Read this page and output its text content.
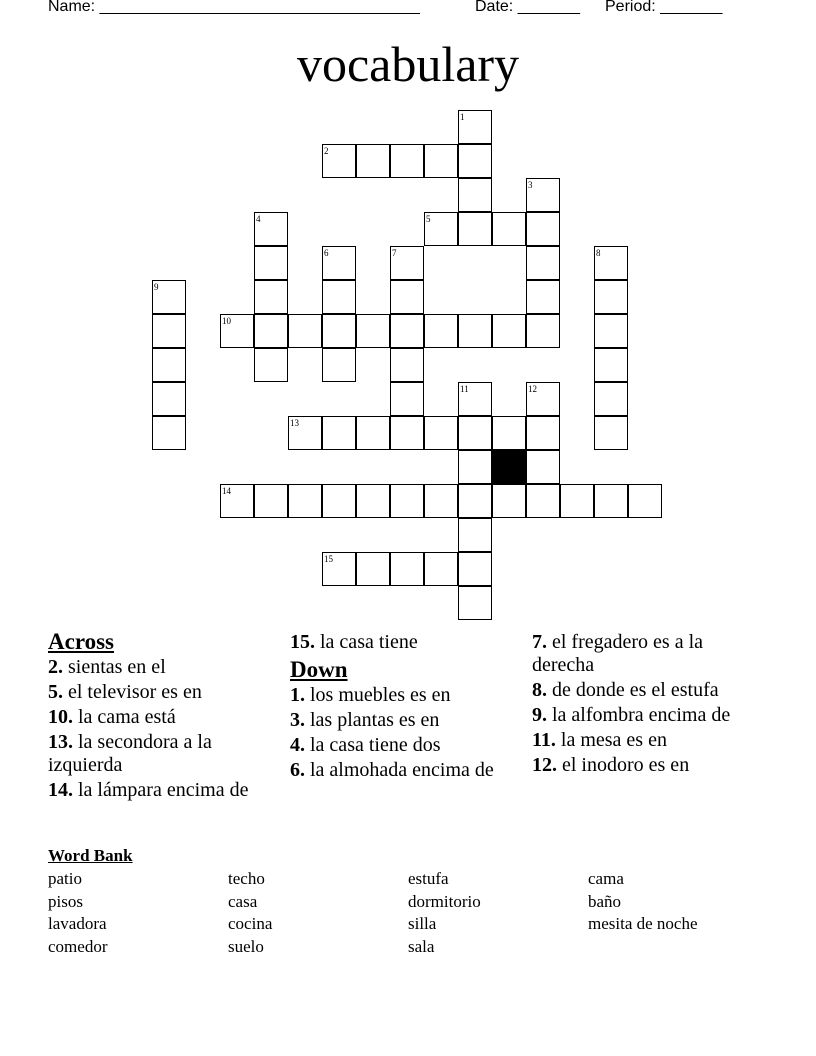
Name: ____________________________________	Date: _______ Period: _______
vocabulary
1
2
3
5
4
6	7	8
9
10
11	12
13
14
15
Across
2. sientas en el
5. el televisor es en
10. la cama está
13. la secondora a la izquierda
14. la lámpara encima de
15. la casa tiene
Down
1. los muebles es en
3. las plantas es en
4. la casa tiene dos
6. la almohada encima de
7. el fregadero es a la derecha
8. de donde es el estufa
9. la alfombra encima de
11. la mesa es en
12. el inodoro es en
Word Bank
patio
pisos
lavadora
comedor
techo
casa
cocina
suelo
estufa
dormitorio
silla
sala
cama
baño
mesita de noche
